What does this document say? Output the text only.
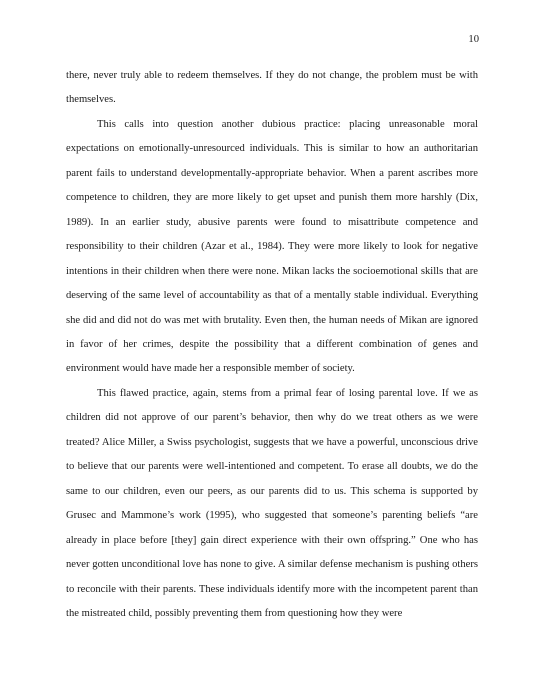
10

there, never truly able to redeem themselves. If they do not change, the problem must be with themselves.

This calls into question another dubious practice: placing unreasonable moral expectations on emotionally-unresourced individuals. This is similar to how an authoritarian parent fails to understand developmentally-appropriate behavior. When a parent ascribes more competence to children, they are more likely to get upset and punish them more harshly (Dix, 1989). In an earlier study, abusive parents were found to misattribute competence and responsibility to their children (Azar et al., 1984). They were more likely to look for negative intentions in their children when there were none. Mikan lacks the socioemotional skills that are deserving of the same level of accountability as that of a mentally stable individual. Everything she did and did not do was met with brutality. Even then, the human needs of Mikan are ignored in favor of her crimes, despite the possibility that a different combination of genes and environment would have made her a responsible member of society.

This flawed practice, again, stems from a primal fear of losing parental love. If we as children did not approve of our parent’s behavior, then why do we treat others as we were treated? Alice Miller, a Swiss psychologist, suggests that we have a powerful, unconscious drive to believe that our parents were well-intentioned and competent. To erase all doubts, we do the same to our children, even our peers, as our parents did to us. This schema is supported by Grusec and Mammone’s work (1995), who suggested that someone’s parenting beliefs “are already in place before [they] gain direct experience with their own offspring.” One who has never gotten unconditional love has none to give. A similar defense mechanism is pushing others to reconcile with their parents. These individuals identify more with the incompetent parent than the mistreated child, possibly preventing them from questioning how they were
